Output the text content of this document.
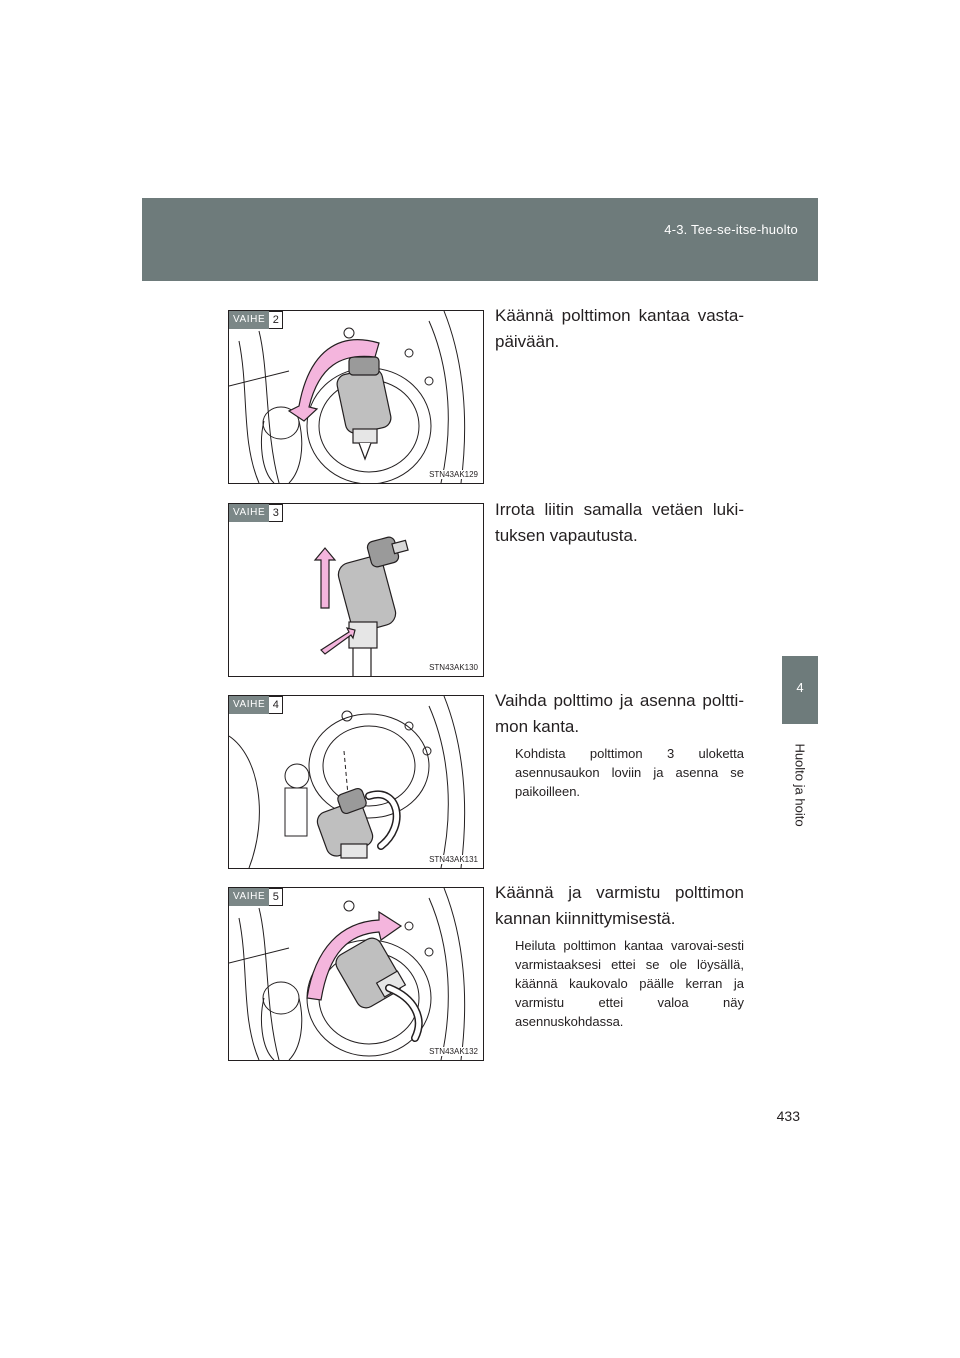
4-3. Tee-se-itse-huolto
4
Huolto ja hoito
VAIHE 2
STN43AK129
Käännä polttimon kantaa vasta-päivään.
VAIHE 3
STN43AK130
Irrota liitin samalla vetäen luki-tuksen vapautusta.
VAIHE 4
STN43AK131
Vaihda polttimo ja asenna poltti-mon kanta.
Kohdista polttimon 3 uloketta asennusaukon loviin ja asenna se paikoilleen.
VAIHE 5
STN43AK132
Käännä ja varmistu polttimon kannan kiinnittymisestä.
Heiluta polttimon kantaa varovai-sesti varmistaaksesi ettei se ole löysällä, käännä kaukovalo päälle kerran ja varmistu ettei valoa näy asennuskohdassa.
433
